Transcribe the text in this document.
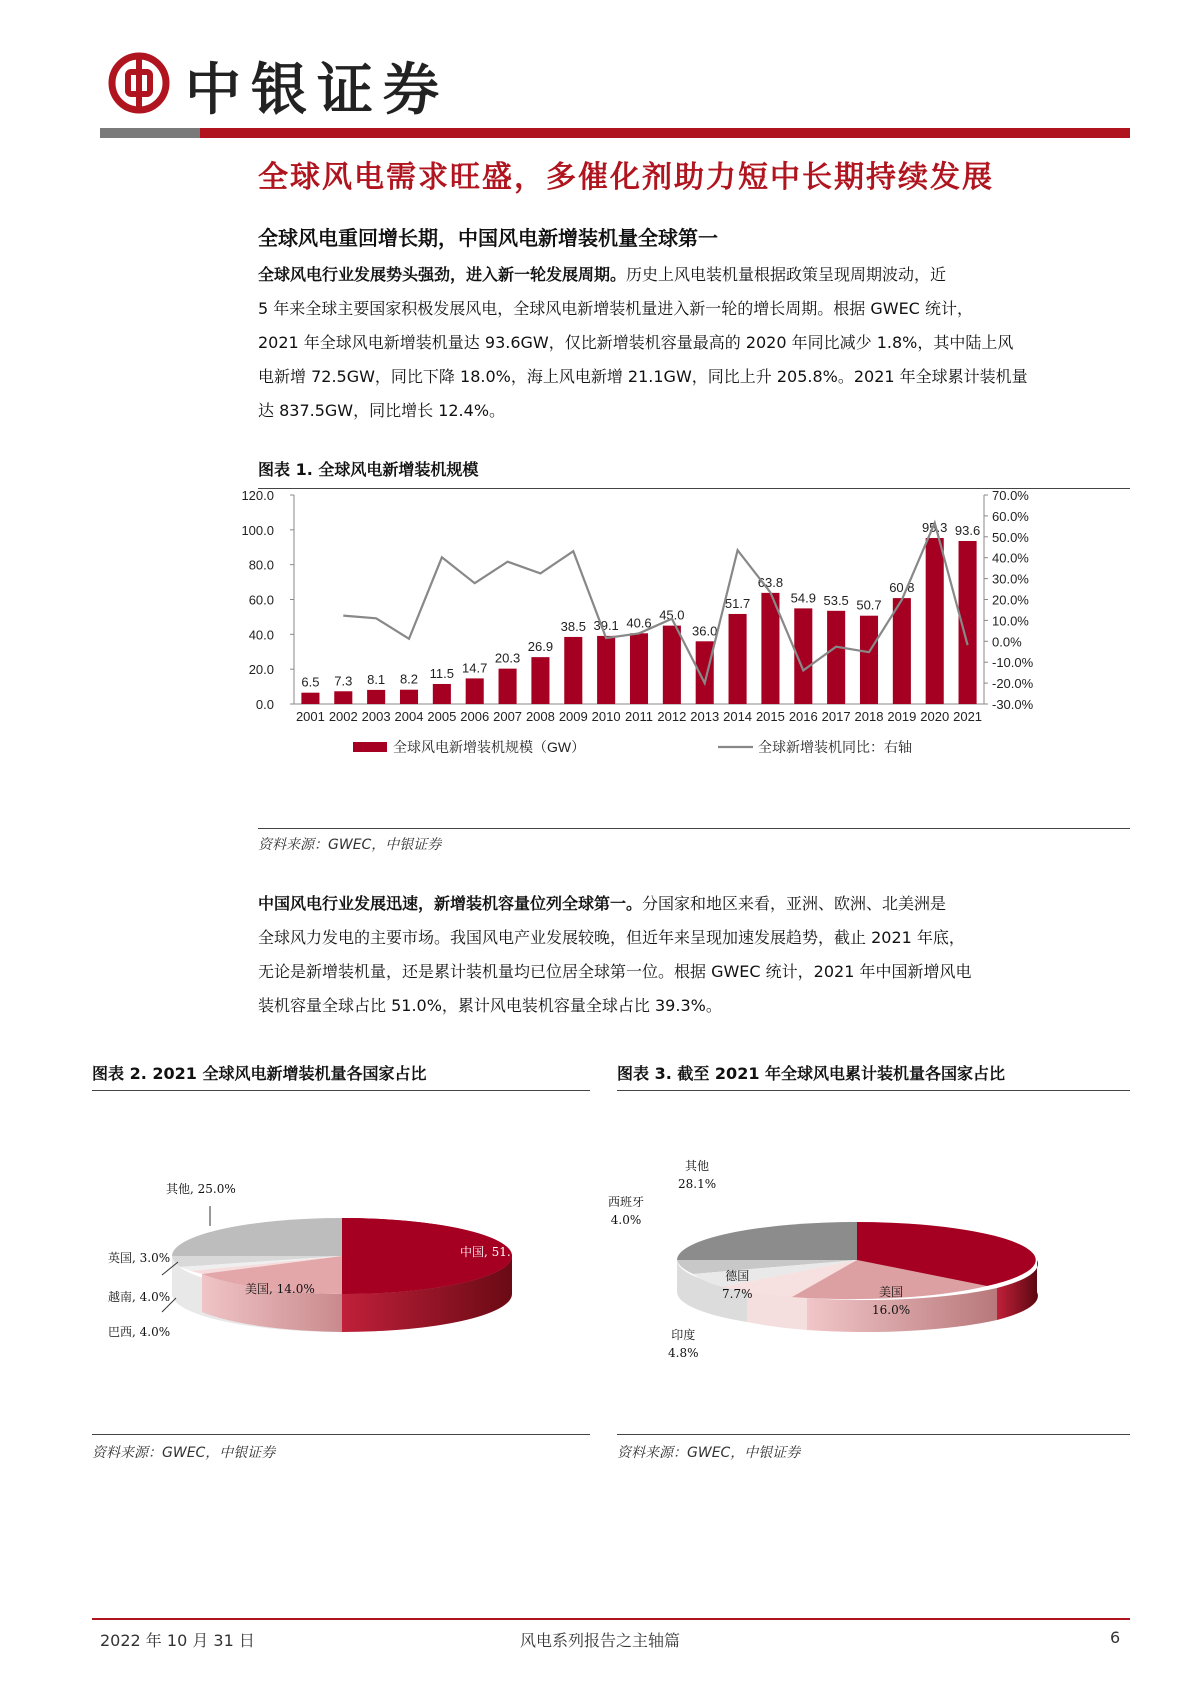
中银证券
全球风电需求旺盛，多催化剂助力短中长期持续发展
全球风电重回增长期，中国风电新增装机量全球第一
全球风电行业发展势头强劲，进入新一轮发展周期。历史上风电装机量根据政策呈现周期波动，近
5 年来全球主要国家积极发展风电，全球风电新增装机量进入新一轮的增长周期。根据 GWEC 统计，
2021 年全球风电新增装机量达 93.6GW，仅比新增装机容量最高的 2020 年同比减少 1.8%，其中陆上风
电新增 72.5GW，同比下降 18.0%，海上风电新增 21.1GW，同比上升 205.8%。2021 年全球累计装机量
达 837.5GW，同比增长 12.4%。
图表 1. 全球风电新增装机规模
0.0
20.0
40.0
60.0
80.0
100.0
120.0
-30.0%
-20.0%
-10.0%
0.0%
10.0%
20.0%
30.0%
40.0%
50.0%
60.0%
70.0%
6.5
2001
7.3
2002
8.1
2003
8.2
2004
11.5
2005
14.7
2006
20.3
2007
26.9
2008
38.5
2009
39.1
2010
40.6
2011
45.0
2012
36.0
2013
51.7
2014
63.8
2015
54.9
2016
53.5
2017
50.7
2018
60.8
2019
95.3
2020
93.6
2021
全球风电新增装机规模（GW）	全球新增装机同比：右轴
资料来源：GWEC，中银证券
中国风电行业发展迅速，新增装机容量位列全球第一。分国家和地区来看，亚洲、欧洲、北美洲是
全球风力发电的主要市场。我国风电产业发展较晚，但近年来呈现加速发展趋势，截止 2021 年底，
无论是新增装机量，还是累计装机量均已位居全球第一位。根据 GWEC 统计，2021 年中国新增风电
装机容量全球占比 51.0%，累计风电装机容量全球占比 39.3%。
图表 2. 2021 全球风电新增装机量各国家占比
其他, 25.0%
英国, 3.0%
越南, 4.0%
巴西, 4.0%
美国, 14.0%
中国, 51.0%
资料来源：GWEC，中银证券
图表 3. 截至 2021 年全球风电累计装机量各国家占比
其他
28.1%	中国
39.3%
西班牙
4.0%
德国
7.7%	美国
16.0%
印度
4.8%
资料来源：GWEC，中银证券
2022 年 10 月 31 日	风电系列报告之主轴篇	6
